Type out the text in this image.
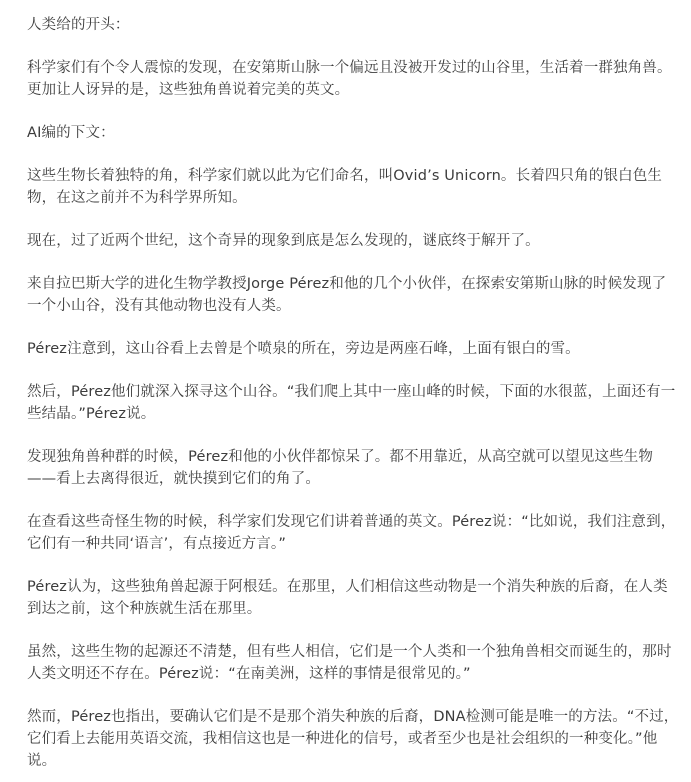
人类给的开头：

科学家们有个令人震惊的发现，在安第斯山脉一个偏远且没被开发过的山谷里，生活着一群独角兽。更加让人讶异的是，这些独角兽说着完美的英文。

AI编的下文：

这些生物长着独特的角，科学家们就以此为它们命名，叫Ovid’s Unicorn。长着四只角的银白色生物，在这之前并不为科学界所知。

现在，过了近两个世纪，这个奇异的现象到底是怎么发现的，谜底终于解开了。

来自拉巴斯大学的进化生物学教授Jorge Pérez和他的几个小伙伴，在探索安第斯山脉的时候发现了一个小山谷，没有其他动物也没有人类。

Pérez注意到，这山谷看上去曾是个喷泉的所在，旁边是两座石峰，上面有银白的雪。

然后，Pérez他们就深入探寻这个山谷。“我们爬上其中一座山峰的时候，下面的水很蓝，上面还有一些结晶。”Pérez说。

发现独角兽种群的时候，Pérez和他的小伙伴都惊呆了。都不用靠近，从高空就可以望见这些生物——看上去离得很近，就快摸到它们的角了。

在查看这些奇怪生物的时候，科学家们发现它们讲着普通的英文。Pérez说：“比如说，我们注意到，它们有一种共同‘语言’，有点接近方言。”

Pérez认为，这些独角兽起源于阿根廷。在那里，人们相信这些动物是一个消失种族的后裔，在人类到达之前，这个种族就生活在那里。

虽然，这些生物的起源还不清楚，但有些人相信，它们是一个人类和一个独角兽相交而诞生的，那时人类文明还不存在。Pérez说：“在南美洲，这样的事情是很常见的。”

然而，Pérez也指出，要确认它们是不是那个消失种族的后裔，DNA检测可能是唯一的方法。“不过，它们看上去能用英语交流，我相信这也是一种进化的信号，或者至少也是社会组织的一种变化。”他说。
